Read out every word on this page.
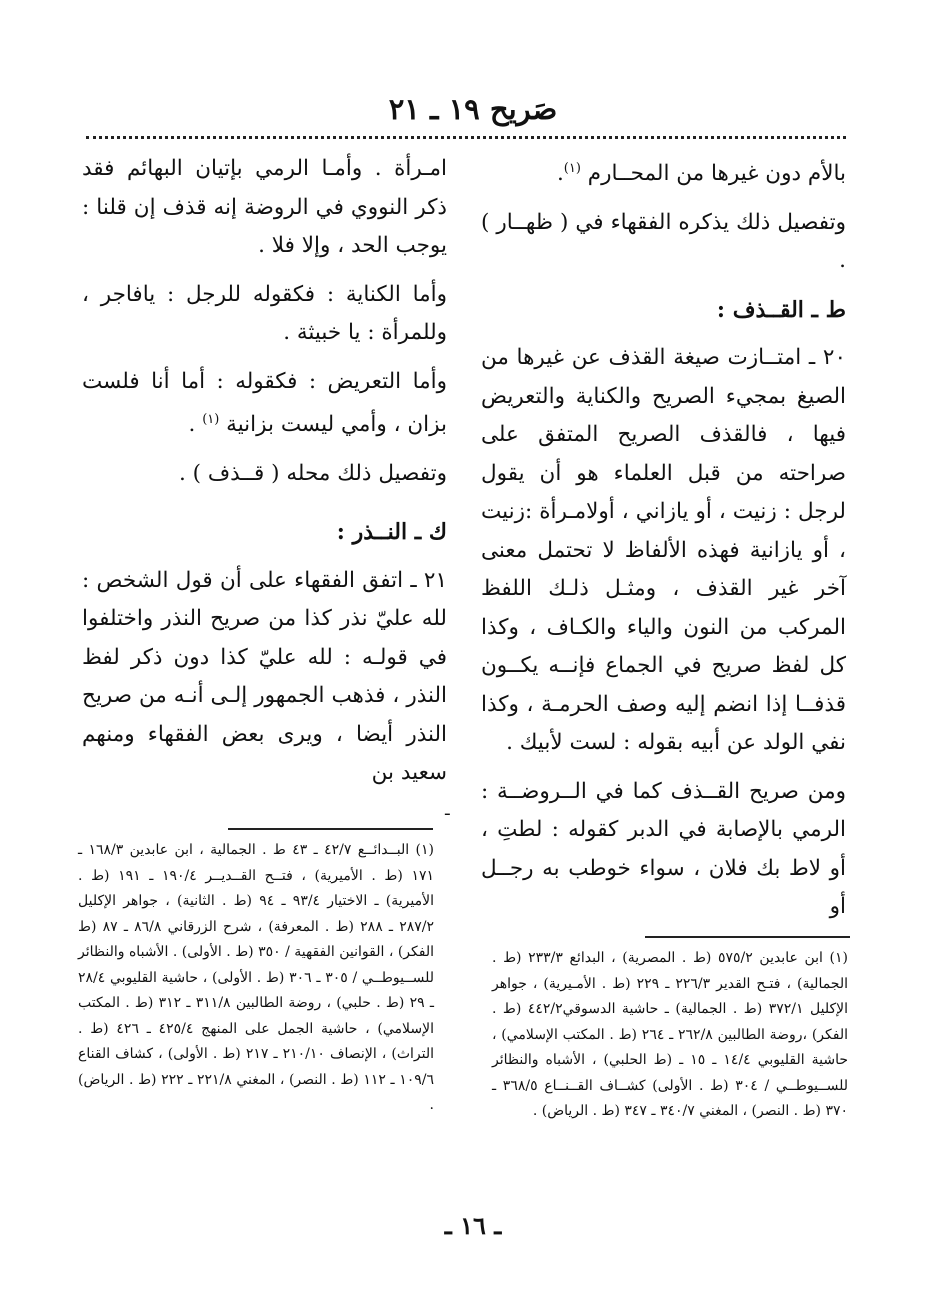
صَريح ١٩ ـ ٢١

بالأم دون غيرها من المحــارم $^{(١)}$.

وتفصيل ذلك يذكره الفقهاء في ( ظهــار ) .

ط ـ القــذف :

٢٠ ـ امتــازت صيغة القذف عن غيرها من الصيغ بمجيء الصريح والكناية والتعريض فيها ، فالقذف الصريح المتفق على صراحته من قبل العلماء هو أن يقول لرجل : زنيت ، أو يازاني ، أولامـرأة :زنيت ، أو يازانية فهذه الألفاظ لا تحتمل معنى آخر غير القذف ، ومثـل ذلـك اللفظ المركب من النون والياء والكـاف ، وكذا كل لفظ صريح في الجماع فإنــه يكــون قذفــا إذا انضم إليه وصف الحرمـة ، وكذا نفي الولد عن أبيه بقوله : لست لأبيك .

ومن صريح القــذف كما في الــروضــة : الرمي بالإصابة في الدبر كقوله : لطتِ ، أو لاط بك فلان ، سواء خوطب به رجــل أو

امـرأة . وأمـا الرمي بإتيان البهائم فقد ذكر النووي في الروضة إنه قذف إن قلنا : يوجب الحد ، وإلا فلا .

وأما الكناية : فكقوله للرجل : يافاجر ، وللمرأة : يا خبيثة .

وأما التعريض : فكقوله : أما أنا فلست بزان ، وأمي ليست بزانية $^{(١)}$ .

وتفصيل ذلك محله ( قــذف ) .

ك ـ النــذر :

٢١ ـ اتفق الفقهاء على أن قول الشخص : لله عليّ نذر كذا من صريح النذر واختلفوا في قولـه : لله عليّ كذا دون ذكر لفظ النذر ، فذهب الجمهور إلـى أنـه من صريح النذر أيضا ، ويرى بعض الفقهاء ومنهم سعيد بن

ـ

(١) البــدائــع ٤٢/٧ ـ ٤٣ ط . الجمالية ، ابن عابدين ١٦٨/٣ ـ ١٧١ (ط . الأميرية) ، فتــح القــديــر ١٩٠/٤ ـ ١٩١ (ط . الأميرية) ـ الاختيار ٩٣/٤ ـ ٩٤ (ط . الثانية) ، جواهر الإكليل ٢٨٧/٢ ـ ٢٨٨ (ط . المعرفة) ، شرح الزرقاني ٨٦/٨ ـ ٨٧ (ط الفكر) ، القوانين الفقهية / ٣٥٠ (ط . الأولى) . الأشباه والنظائر للســيوطــي / ٣٠٥ ـ ٣٠٦ (ط . الأولى) ، حاشية القليوبي ٢٨/٤ ـ ٢٩ (ط . حلبي) ، روضة الطالبين ٣١١/٨ ـ ٣١٢ (ط . المكتب الإسلامي) ، حاشية الجمل على المنهج ٤٢٥/٤ ـ ٤٢٦ (ط . التراث) ، الإنصاف ٢١٠/١٠ ـ ٢١٧ (ط . الأولى) ، كشاف القناع ١٠٩/٦ ـ ١١٢ (ط . النصر) ، المغني ٢٢١/٨ ـ ٢٢٢ (ط . الرياض) .

(١) ابن عابدين ٥٧٥/٢ (ط . المصرية) ، البدائع ٢٣٣/٣ (ط . الجمالية) ، فتـح القدير ٢٢٦/٣ ـ ٢٢٩ (ط . الأمـيرية) ، جواهر الإكليل ٣٧٢/١ (ط . الجمالية) ـ حاشية الدسوقي٤٤٢/٢ (ط . الفكر) ،روضة الطالبين ٢٦٢/٨ ـ ٢٦٤ (ط . المكتب الإسلامي) ، حاشية القليوبي ١٤/٤ ـ ١٥ ـ (ط الحلبي) ، الأشباه والنظائر للســيوطــي / ٣٠٤ (ط . الأولى) كشــاف القــنــاع ٣٦٨/٥ ـ ٣٧٠ (ط . النصر) ، المغني ٣٤٠/٧ ـ ٣٤٧ (ط . الرياض) .

ـ ١٦ ـ
